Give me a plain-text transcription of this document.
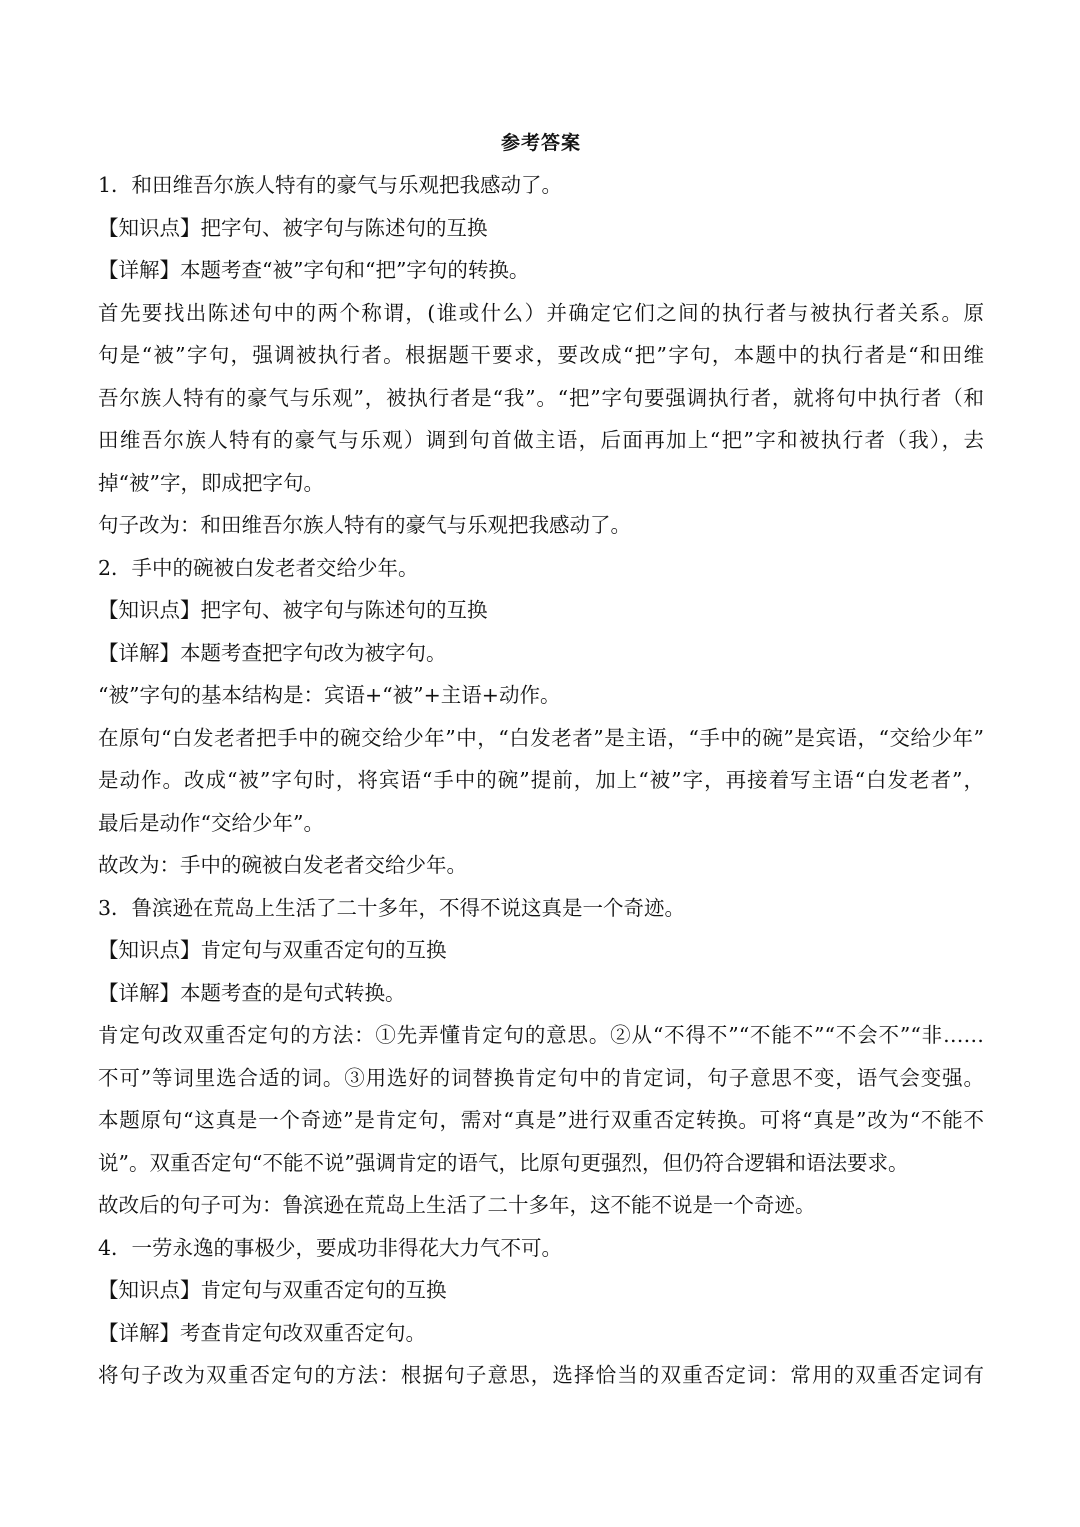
参考答案
1．和田维吾尔族人特有的豪气与乐观把我感动了。
【知识点】把字句、被字句与陈述句的互换
【详解】本题考查“被”字句和“把”字句的转换。
首先要找出陈述句中的两个称谓，(谁或什么）并确定它们之间的执行者与被执行者关系。原
句是“被”字句，强调被执行者。根据题干要求，要改成“把”字句，本题中的执行者是“和田维
吾尔族人特有的豪气与乐观”，被执行者是“我”。“把”字句要强调执行者，就将句中执行者（和
田维吾尔族人特有的豪气与乐观）调到句首做主语，后面再加上“把”字和被执行者（我），去
掉“被”字，即成把字句。
句子改为：和田维吾尔族人特有的豪气与乐观把我感动了。
2．手中的碗被白发老者交给少年。
【知识点】把字句、被字句与陈述句的互换
【详解】本题考查把字句改为被字句。
“被”字句的基本结构是：宾语+“被”+主语+动作。
在原句“白发老者把手中的碗交给少年”中，“白发老者”是主语，“手中的碗”是宾语，“交给少年”
是动作。改成“被”字句时，将宾语“手中的碗”提前，加上“被”字，再接着写主语“白发老者”，
最后是动作“交给少年”。
故改为：手中的碗被白发老者交给少年。
3．鲁滨逊在荒岛上生活了二十多年，不得不说这真是一个奇迹。
【知识点】肯定句与双重否定句的互换
【详解】本题考查的是句式转换。
肯定句改双重否定句的方法：①先弄懂肯定句的意思。②从“不得不”“不能不”“不会不”“非……
不可”等词里选合适的词。③用选好的词替换肯定句中的肯定词，句子意思不变，语气会变强。
本题原句“这真是一个奇迹”是肯定句，需对“真是”进行双重否定转换。可将“真是”改为“不能不
说”。双重否定句“不能不说”强调肯定的语气，比原句更强烈，但仍符合逻辑和语法要求。
故改后的句子可为：鲁滨逊在荒岛上生活了二十多年，这不能不说是一个奇迹。
4．一劳永逸的事极少，要成功非得花大力气不可。
【知识点】肯定句与双重否定句的互换
【详解】考查肯定句改双重否定句。
将句子改为双重否定句的方法：根据句子意思，选择恰当的双重否定词：常用的双重否定词有
